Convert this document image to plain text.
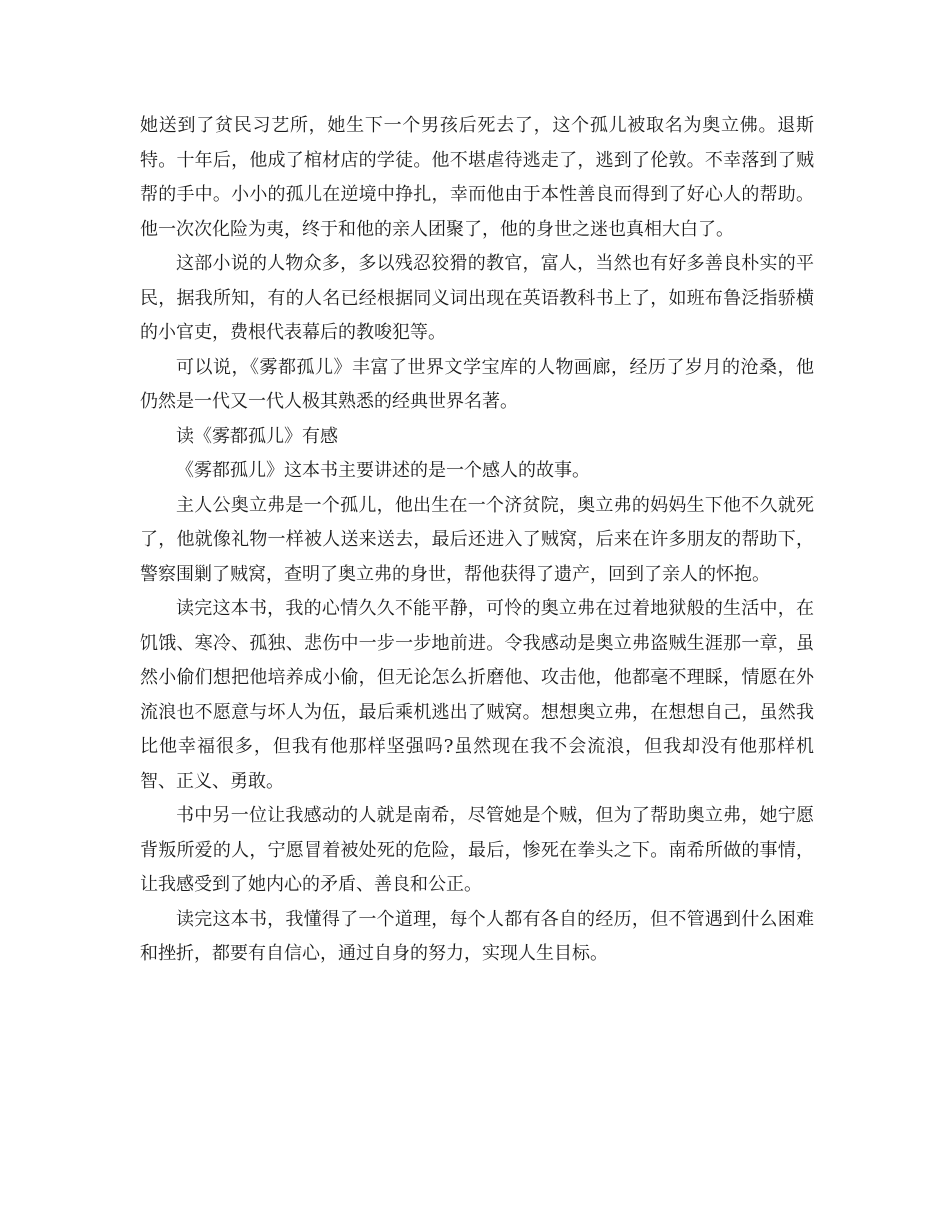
她送到了贫民习艺所，她生下一个男孩后死去了，这个孤儿被取名为奥立佛。退斯特。十年后，他成了棺材店的学徒。他不堪虐待逃走了，逃到了伦敦。不幸落到了贼帮的手中。小小的孤儿在逆境中挣扎，幸而他由于本性善良而得到了好心人的帮助。他一次次化险为夷，终于和他的亲人团聚了，他的身世之迷也真相大白了。

这部小说的人物众多，多以残忍狡猾的教官，富人，当然也有好多善良朴实的平民，据我所知，有的人名已经根据同义词出现在英语教科书上了，如班布鲁泛指骄横的小官吏，费根代表幕后的教唆犯等。

可以说，《雾都孤儿》丰富了世界文学宝库的人物画廊，经历了岁月的沧桑，他仍然是一代又一代人极其熟悉的经典世界名著。

读《雾都孤儿》有感

《雾都孤儿》这本书主要讲述的是一个感人的故事。

主人公奥立弗是一个孤儿，他出生在一个济贫院，奥立弗的妈妈生下他不久就死了，他就像礼物一样被人送来送去，最后还进入了贼窝，后来在许多朋友的帮助下，警察围剿了贼窝，查明了奥立弗的身世，帮他获得了遗产，回到了亲人的怀抱。

读完这本书，我的心情久久不能平静，可怜的奥立弗在过着地狱般的生活中，在饥饿、寒冷、孤独、悲伤中一步一步地前进。令我感动是奥立弗盗贼生涯那一章，虽然小偷们想把他培养成小偷，但无论怎么折磨他、攻击他，他都毫不理睬，情愿在外流浪也不愿意与坏人为伍，最后乘机逃出了贼窝。想想奥立弗，在想想自己，虽然我比他幸福很多，但我有他那样坚强吗?虽然现在我不会流浪，但我却没有他那样机智、正义、勇敢。

书中另一位让我感动的人就是南希，尽管她是个贼，但为了帮助奥立弗，她宁愿背叛所爱的人，宁愿冒着被处死的危险，最后，惨死在拳头之下。南希所做的事情，让我感受到了她内心的矛盾、善良和公正。

读完这本书，我懂得了一个道理，每个人都有各自的经历，但不管遇到什么困难和挫折，都要有自信心，通过自身的努力，实现人生目标。
